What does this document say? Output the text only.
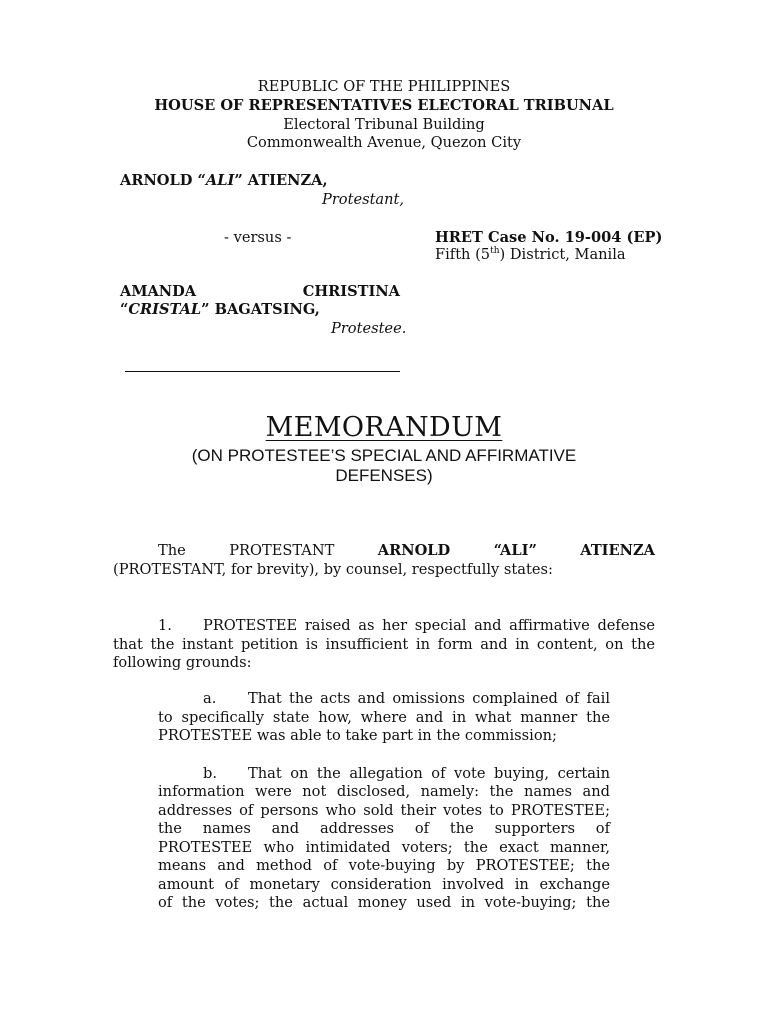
REPUBLIC OF THE PHILIPPINES
HOUSE OF REPRESENTATIVES ELECTORAL TRIBUNAL
Electoral Tribunal Building
Commonwealth Avenue, Quezon City
ARNOLD “ALI” ATIENZA,
Protestant,
- versus -	HRET Case No. 19-004 (EP)
Fifth (5th) District, Manila
AMANDA CHRISTINA
“CRISTAL” BAGATSING,
Protestee.
MEMORANDUM
(ON PROTESTEE’S SPECIAL AND AFFIRMATIVE
DEFENSES)
The	PROTESTANT	ARNOLD	“ALI”	ATIENZA
(PROTESTANT, for brevity), by counsel, respectfully states:
1. PROTESTEE raised as her special and affirmative defense
that the instant petition is insufficient in form and in content, on the
following grounds:
a. That the acts and omissions complained of fail
to specifically state how, where and in what manner the
PROTESTEE was able to take part in the commission;
b. That on the allegation of vote buying, certain
information were not disclosed, namely: the names and
addresses of persons who sold their votes to PROTESTEE;
the names and addresses of the supporters of
PROTESTEE who intimidated voters; the exact manner,
means and method of vote-buying by PROTESTEE; the
amount of monetary consideration involved in exchange
of the votes; the actual money used in vote-buying; the
